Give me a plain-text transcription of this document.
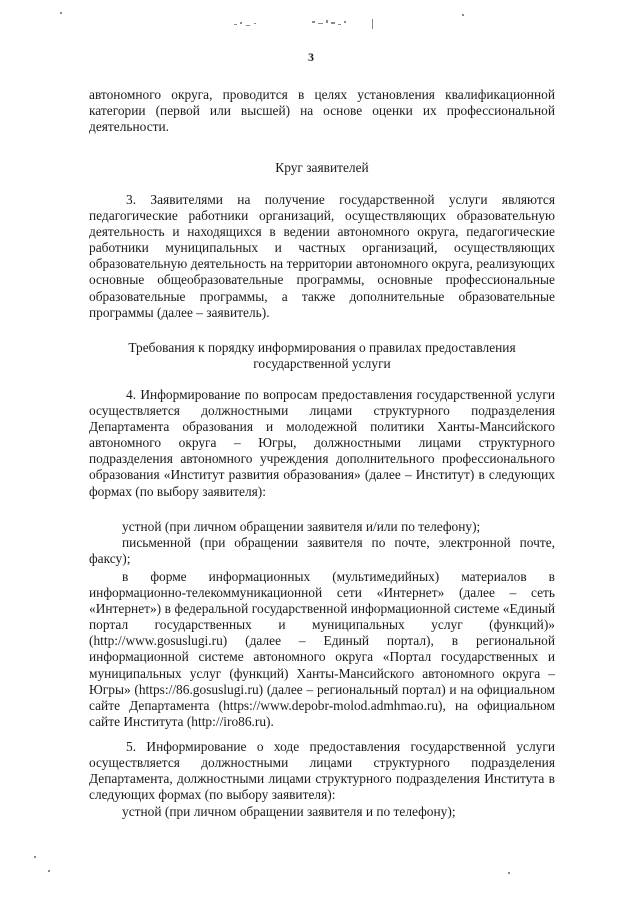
3

автономного округа, проводится в целях установления квалификационной категории (первой или высшей) на основе оценки их профессиональной деятельности.

Круг заявителей

3. Заявителями на получение государственной услуги являются педагогические работники организаций, осуществляющих образовательную деятельность и находящихся в ведении автономного округа, педагогические работники муниципальных и частных организаций, осуществляющих образовательную деятельность на территории автономного округа, реализующих основные общеобразовательные программы, основные профессиональные образовательные программы, а также дополнительные образовательные программы (далее – заявитель).

Требования к порядку информирования о правилах предоставления государственной услуги

4. Информирование по вопросам предоставления государственной услуги осуществляется должностными лицами структурного подразделения Департамента образования и молодежной политики Ханты-Мансийского автономного округа – Югры, должностными лицами структурного подразделения автономного учреждения дополнительного профессионального образования «Институт развития образования» (далее – Институт) в следующих формах (по выбору заявителя):

устной (при личном обращении заявителя и/или по телефону);

письменной (при обращении заявителя по почте, электронной почте, факсу);

в форме информационных (мультимедийных) материалов в информационно-телекоммуникационной сети «Интернет» (далее – сеть «Интернет») в федеральной государственной информационной системе «Единый портал государственных и муниципальных услуг (функций)» (http://www.gosuslugi.ru) (далее – Единый портал), в региональной информационной системе автономного округа «Портал государственных и муниципальных услуг (функций) Ханты-Мансийского автономного округа – Югры» (https://86.gosuslugi.ru) (далее – региональный портал) и на официальном сайте Департамента (https://www.depobr-molod.admhmao.ru), на официальном сайте Института (http://iro86.ru).

5. Информирование о ходе предоставления государственной услуги осуществляется должностными лицами структурного подразделения Департамента, должностными лицами структурного подразделения Института в следующих формах (по выбору заявителя):

устной (при личном обращении заявителя и по телефону);
